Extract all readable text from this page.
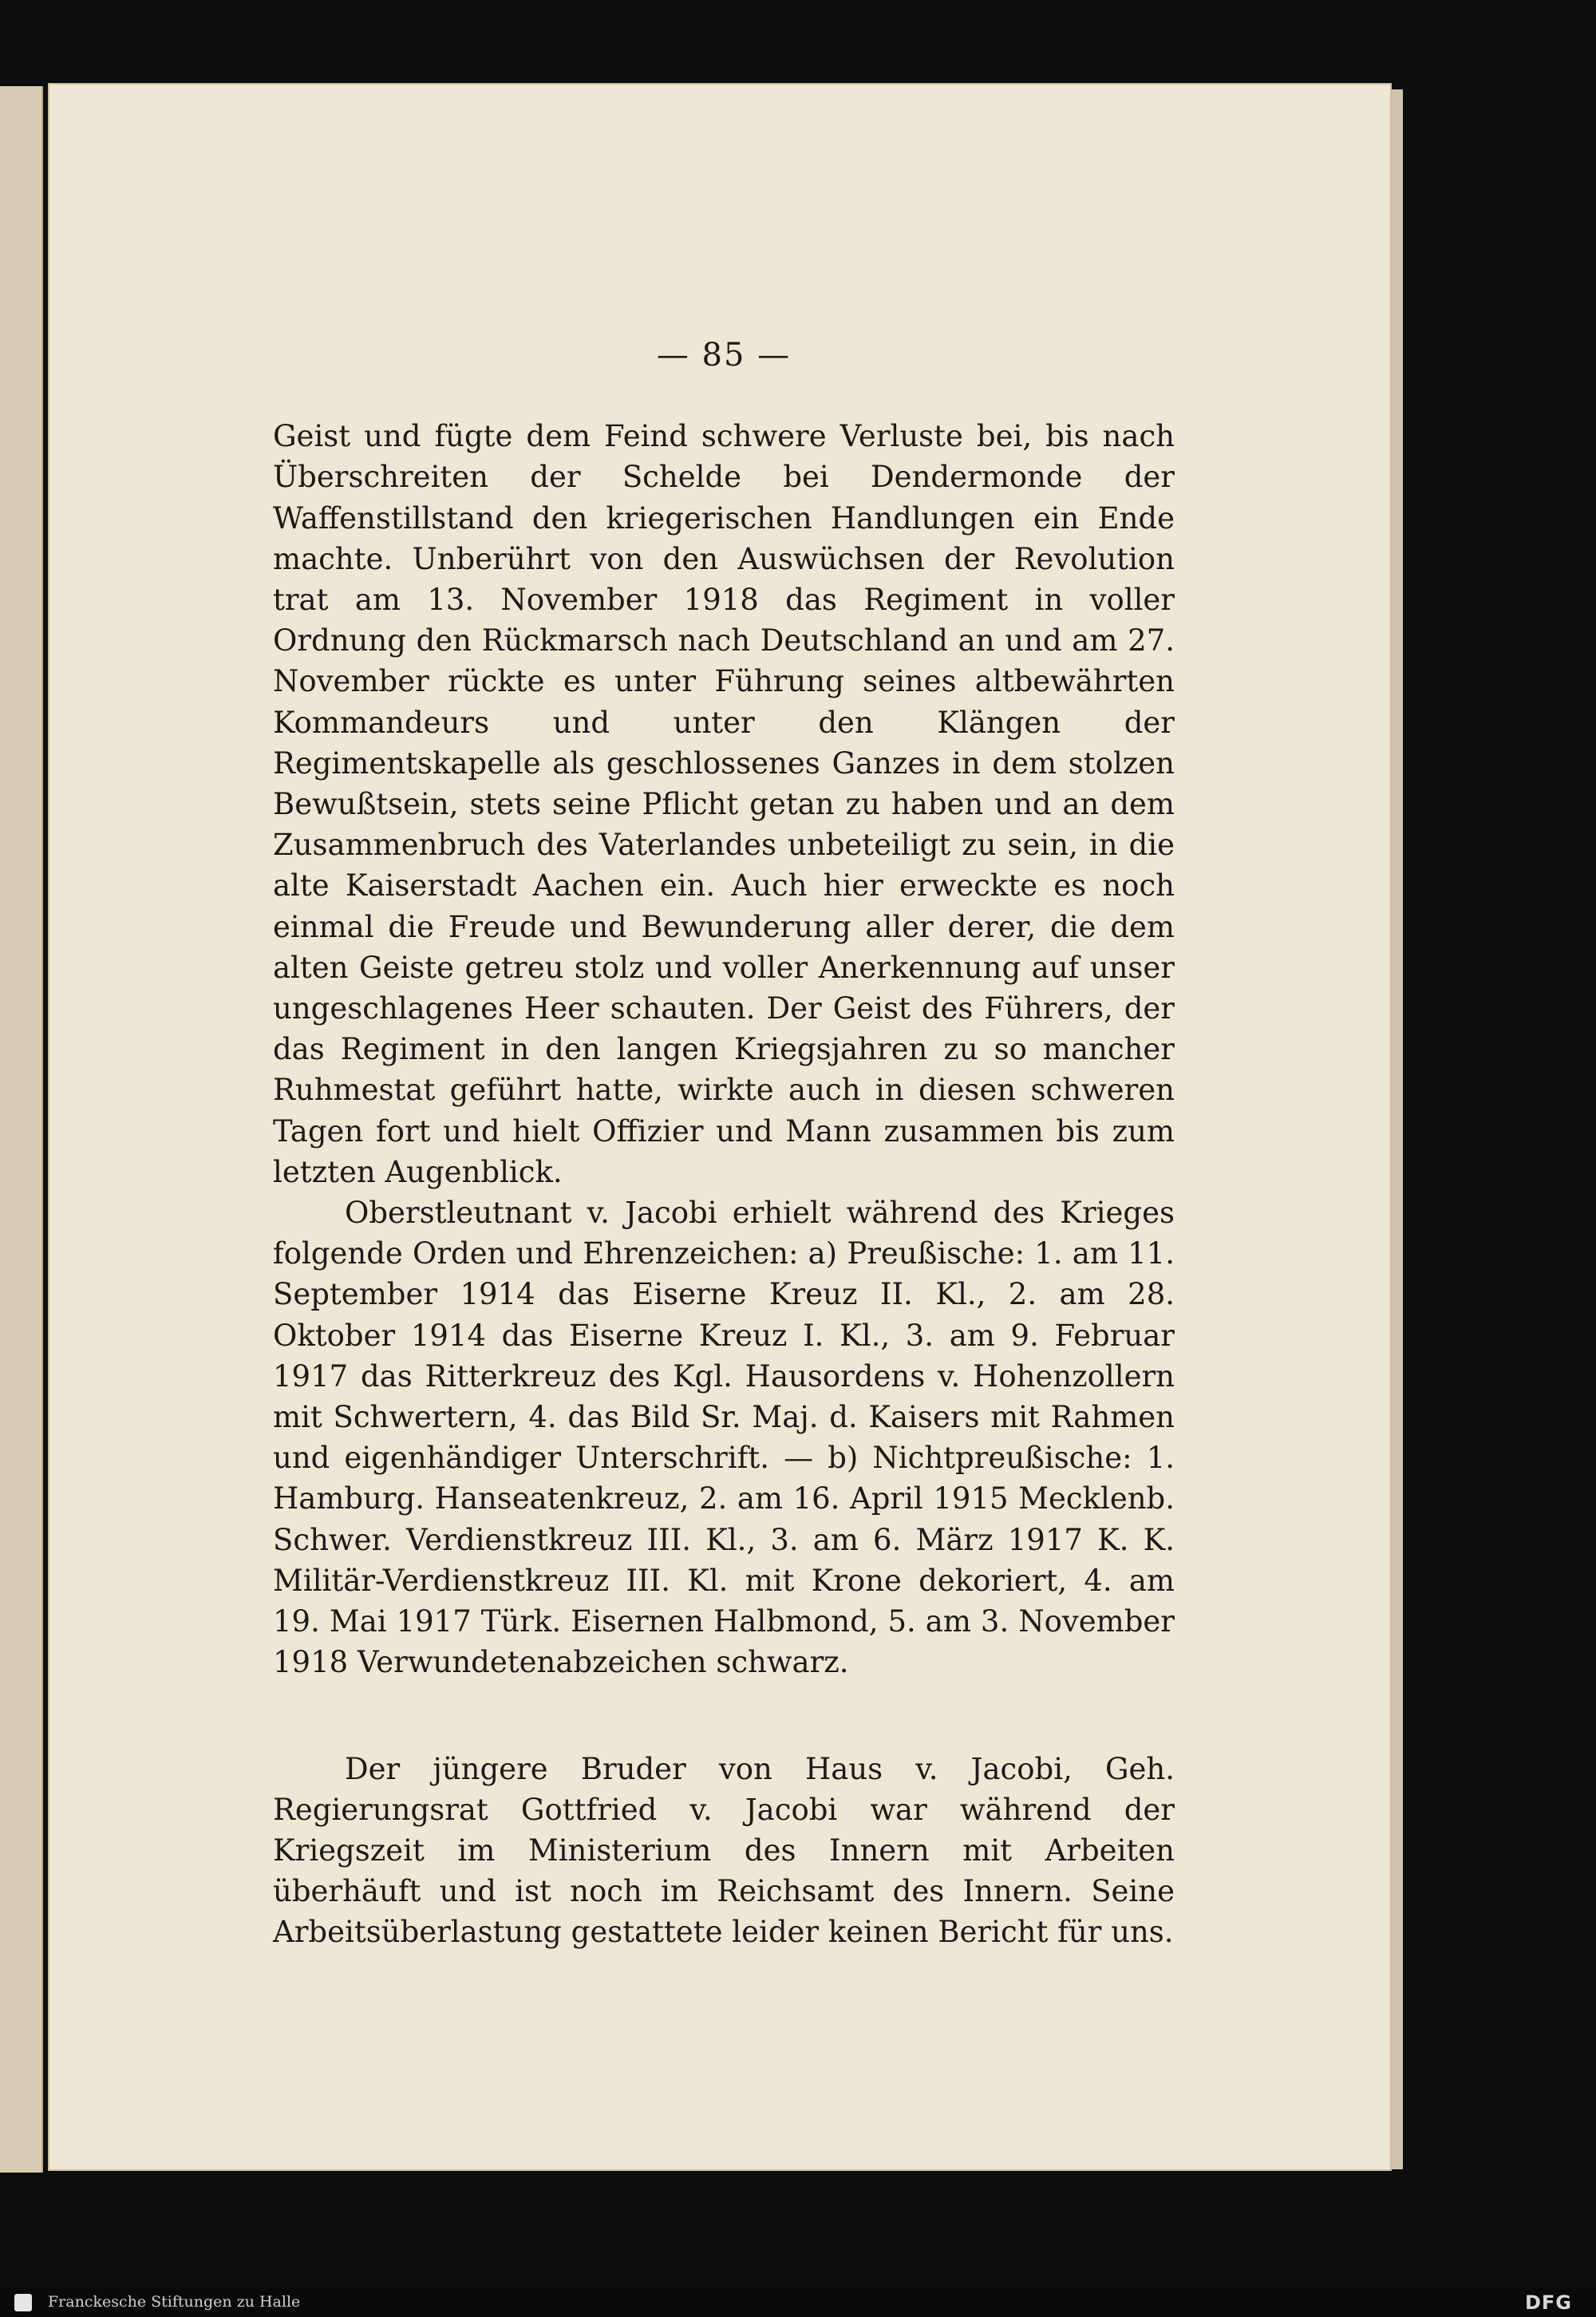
— 85 —

Geist und fügte dem Feind schwere Verluste bei, bis nach Überschreiten der Schelde bei Dendermonde der Waffenstillstand den kriegerischen Handlungen ein Ende machte. Unberührt von den Auswüchsen der Revolution trat am 13. November 1918 das Regiment in voller Ordnung den Rückmarsch nach Deutschland an und am 27. November rückte es unter Führung seines altbewährten Kommandeurs und unter den Klängen der Regimentskapelle als geschlossenes Ganzes in dem stolzen Bewußtsein, stets seine Pflicht getan zu haben und an dem Zusammenbruch des Vaterlandes unbeteiligt zu sein, in die alte Kaiserstadt Aachen ein. Auch hier erweckte es noch einmal die Freude und Bewunderung aller derer, die dem alten Geiste getreu stolz und voller Anerkennung auf unser ungeschlagenes Heer schauten. Der Geist des Führers, der das Regiment in den langen Kriegsjahren zu so mancher Ruhmestat geführt hatte, wirkte auch in diesen schweren Tagen fort und hielt Offizier und Mann zusammen bis zum letzten Augenblick.

Oberstleutnant v. Jacobi erhielt während des Krieges folgende Orden und Ehrenzeichen: a) Preußische: 1. am 11. September 1914 das Eiserne Kreuz II. Kl., 2. am 28. Oktober 1914 das Eiserne Kreuz I. Kl., 3. am 9. Februar 1917 das Ritterkreuz des Kgl. Hausordens v. Hohenzollern mit Schwertern, 4. das Bild Sr. Maj. d. Kaisers mit Rahmen und eigenhändiger Unterschrift. — b) Nichtpreußische: 1. Hamburg. Hanseatenkreuz, 2. am 16. April 1915 Mecklenb. Schwer. Verdienstkreuz III. Kl., 3. am 6. März 1917 K. K. Militär-Verdienstkreuz III. Kl. mit Krone dekoriert, 4. am 19. Mai 1917 Türk. Eisernen Halbmond, 5. am 3. November 1918 Verwundetenabzeichen schwarz.

Der jüngere Bruder von Haus v. Jacobi, Geh. Regierungsrat Gottfried v. Jacobi war während der Kriegszeit im Ministerium des Innern mit Arbeiten überhäuft und ist noch im Reichsamt des Innern. Seine Arbeitsüberlastung gestattete leider keinen Bericht für uns.

Franckesche Stiftungen zu Halle	DFG
